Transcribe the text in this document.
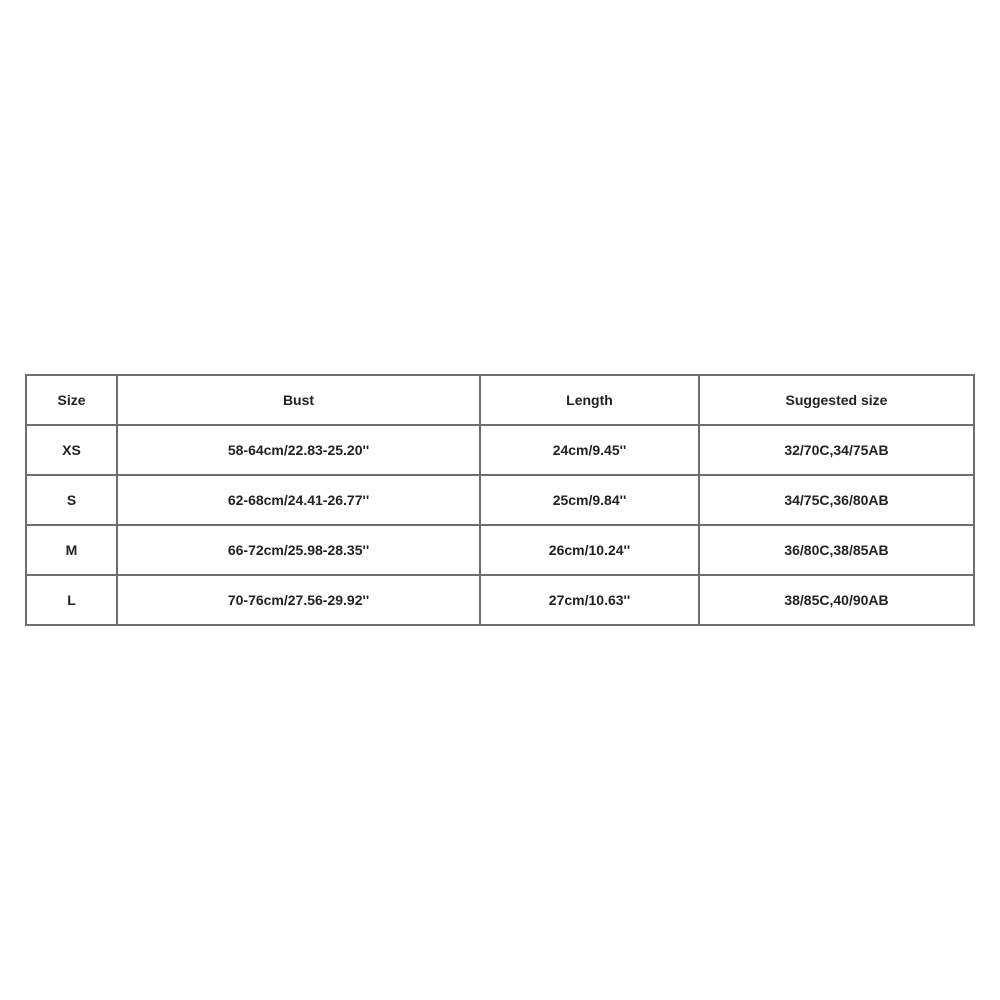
Size	Bust	Length	Suggested size
XS	58-64cm/22.83-25.20''	24cm/9.45''	32/70C,34/75AB
S	62-68cm/24.41-26.77''	25cm/9.84''	34/75C,36/80AB
M	66-72cm/25.98-28.35''	26cm/10.24''	36/80C,38/85AB
L	70-76cm/27.56-29.92''	27cm/10.63''	38/85C,40/90AB
